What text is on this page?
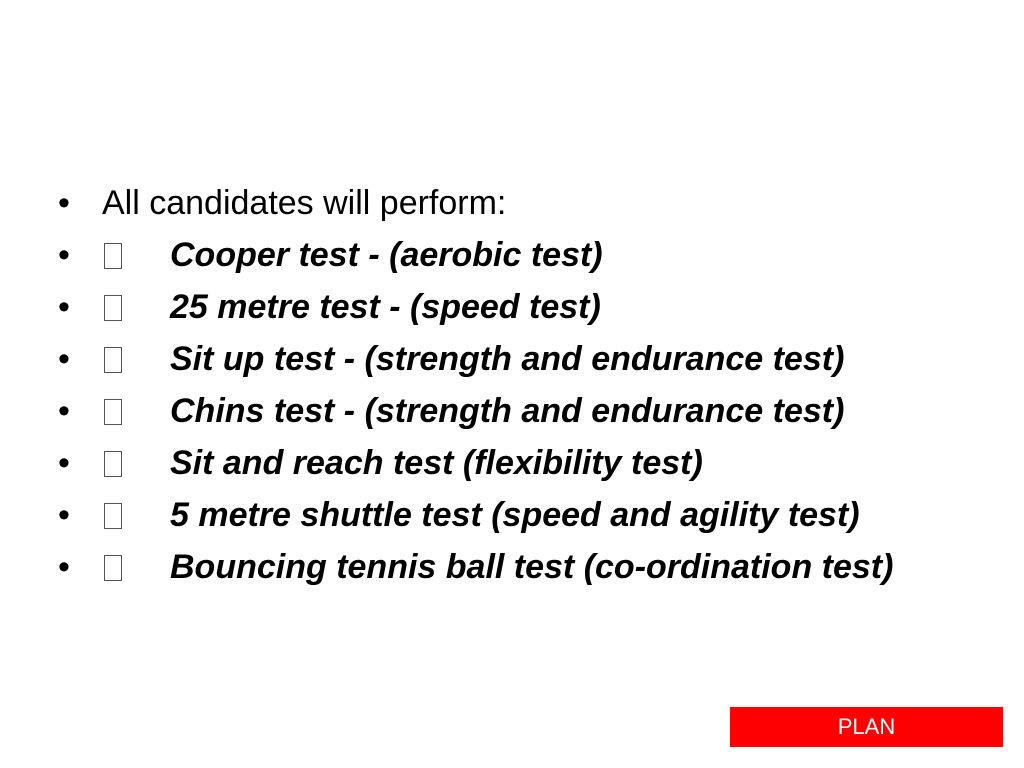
• All candidates will perform:
•	Cooper test - (aerobic test)
•	25 metre test - (speed test)
•	Sit up test - (strength and endurance test)
•	Chins test - (strength and endurance test)
•	Sit and reach test (flexibility test)
•	5 metre shuttle test (speed and agility test)
•	Bouncing tennis ball test (co-ordination test)
PLAN
